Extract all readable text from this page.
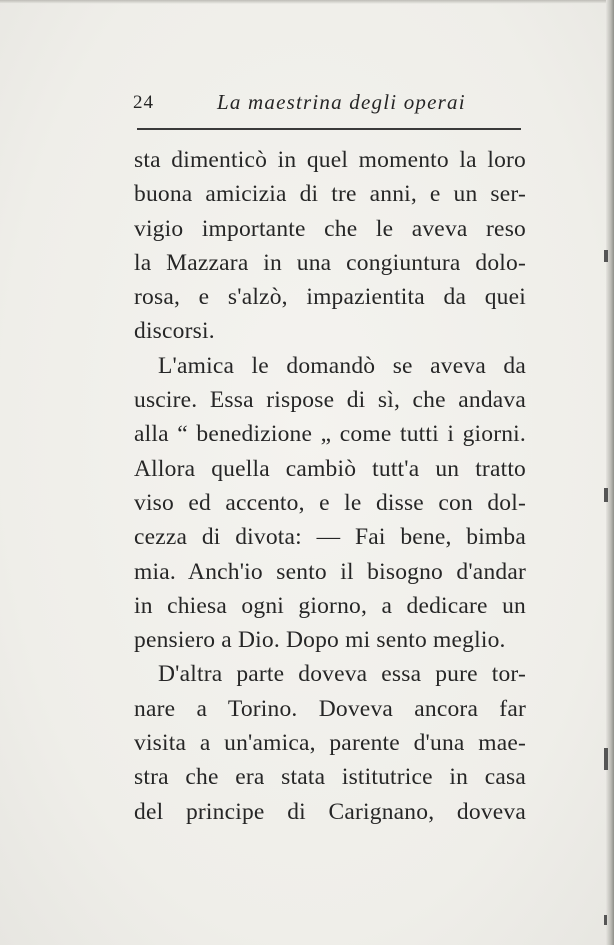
24	La maestrina degli operai
sta dimenticò in quel momento la loro
buona amicizia di tre anni, e un ser-
vigio importante che le aveva reso
la Mazzara in una congiuntura dolo-
rosa, e s'alzò, impazientita da quei
discorsi.
L'amica le domandò se aveva da
uscire. Essa rispose di sì, che andava
alla “ benedizione „ come tutti i giorni.
Allora quella cambiò tutt'a un tratto
viso ed accento, e le disse con dol-
cezza di divota: — Fai bene, bimba
mia. Anch'io sento il bisogno d'andar
in chiesa ogni giorno, a dedicare un
pensiero a Dio. Dopo mi sento meglio.
D'altra parte doveva essa pure tor-
nare a Torino. Doveva ancora far
visita a un'amica, parente d'una mae-
stra che era stata istitutrice in casa
del principe di Carignano, doveva
